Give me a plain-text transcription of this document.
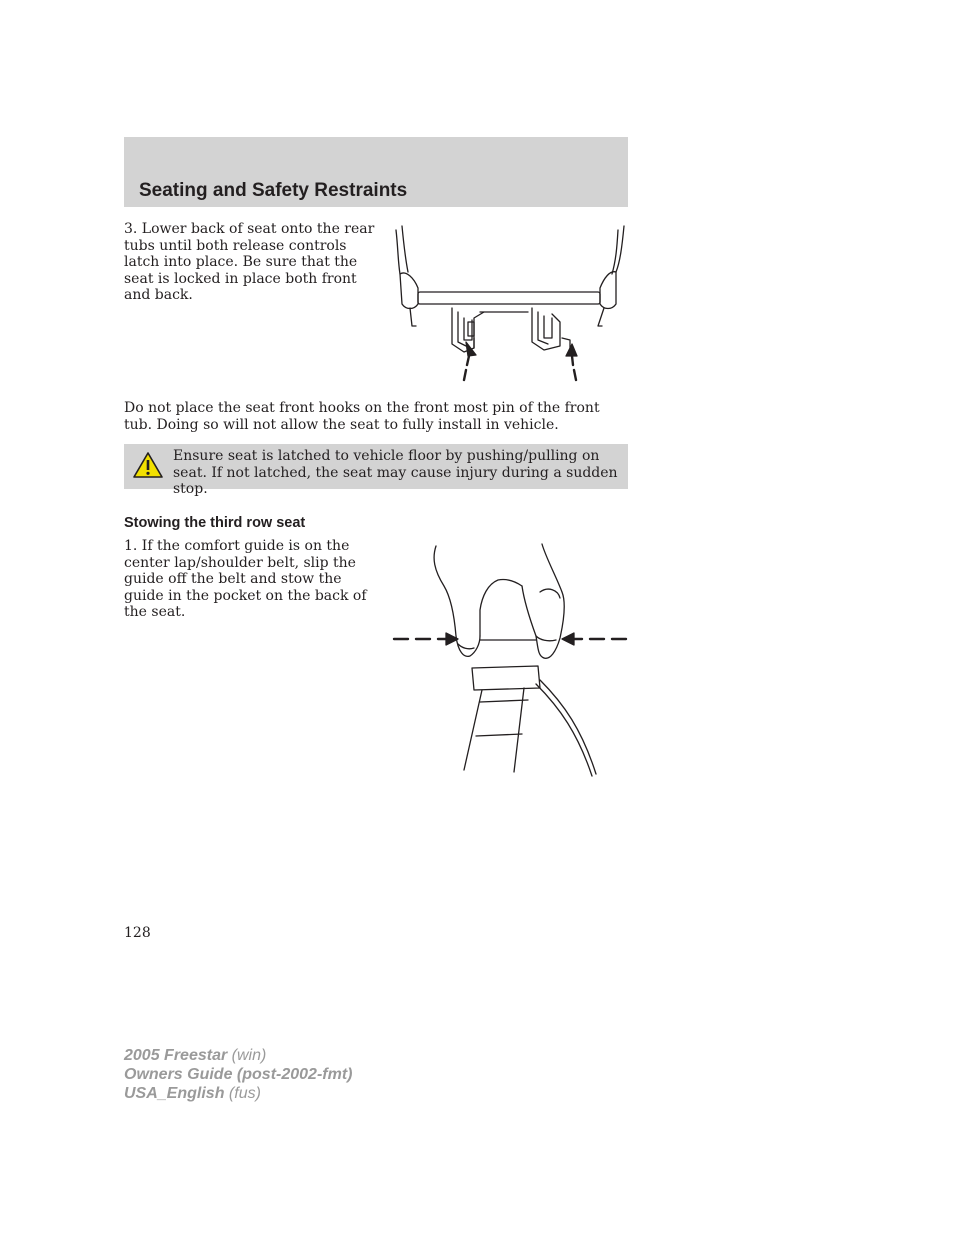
Seating and Safety Restraints
3. Lower back of seat onto the rear tubs until both release controls latch into place. Be sure that the seat is locked in place both front and back.
Do not place the seat front hooks on the front most pin of the front tub. Doing so will not allow the seat to fully install in vehicle.
Ensure seat is latched to vehicle floor by pushing/pulling on seat. If not latched, the seat may cause injury during a sudden stop.
Stowing the third row seat
1. If the comfort guide is on the center lap/shoulder belt, slip the guide off the belt and stow the guide in the pocket on the back of the seat.
128
2005 Freestar (win)
Owners Guide (post-2002-fmt)
USA_English (fus)
